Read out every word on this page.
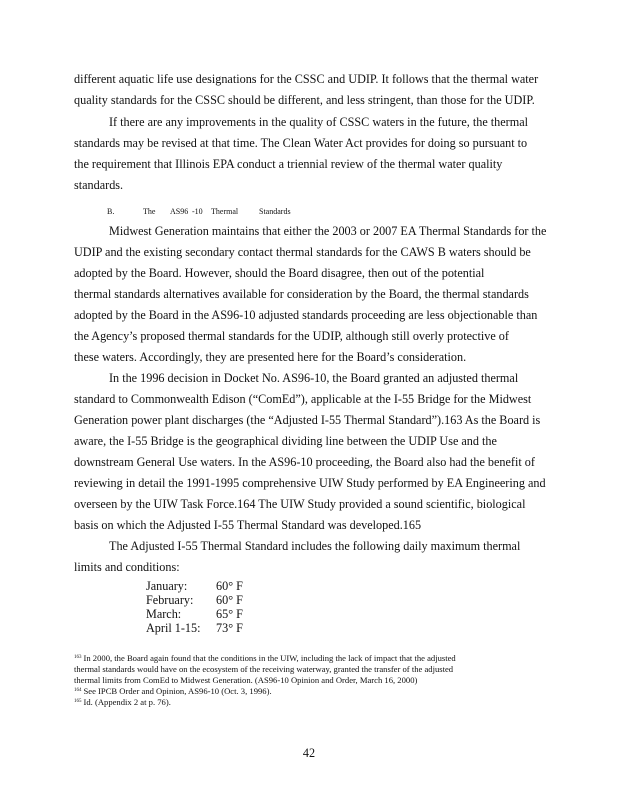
different aquatic life use designations for the CSSC and UDIP. It follows that the thermal water
quality standards for the CSSC should be different, and less stringent, than those for the UDIP.
If there are any improvements in the quality of CSSC waters in the future, the thermal
standards may be revised at that time. The Clean Water Act provides for doing so pursuant to
the requirement that Illinois EPA conduct a triennial review of the thermal water quality
standards.
B.	The AS96 -10 Thermal	Standards
Midwest Generation maintains that either the 2003 or 2007 EA Thermal Standards for the
UDIP and the existing secondary contact thermal standards for the CAWS B waters should be
adopted by the Board. However, should the Board disagree, then out of the potential
thermal standards alternatives available for consideration by the Board, the thermal standards
adopted by the Board in the AS96-10 adjusted standards proceeding are less objectionable than
the Agency’s proposed thermal standards for the UDIP, although still overly protective of
these waters. Accordingly, they are presented here for the Board’s consideration.
In the 1996 decision in Docket No. AS96-10, the Board granted an adjusted thermal
standard to Commonwealth Edison (“ComEd”), applicable at the I-55 Bridge for the Midwest
Generation power plant discharges (the “Adjusted I-55 Thermal Standard”).163 As the Board is
aware, the I-55 Bridge is the geographical dividing line between the UDIP Use and the
downstream General Use waters. In the AS96-10 proceeding, the Board also had the benefit of
reviewing in detail the 1991-1995 comprehensive UIW Study performed by EA Engineering and
overseen by the UIW Task Force.164 The UIW Study provided a sound scientific, biological
basis on which the Adjusted I-55 Thermal Standard was developed.165
The Adjusted I-55 Thermal Standard includes the following daily maximum thermal
limits and conditions:
January: 60° F
February: 60° F
March:	65° F
April 1-15: 73° F
$^{163}$ In 2000, the Board again found that the conditions in the UIW, including the lack of impact that the adjusted
thermal standards would have on the ecosystem of the receiving waterway, granted the transfer of the adjusted
thermal limits from ComEd to Midwest Generation. (AS96-10 Opinion and Order, March 16, 2000)
$^{164}$ See IPCB Order and Opinion, AS96-10 (Oct. 3, 1996).
$^{165}$ Id. (Appendix 2 at p. 76).
42
